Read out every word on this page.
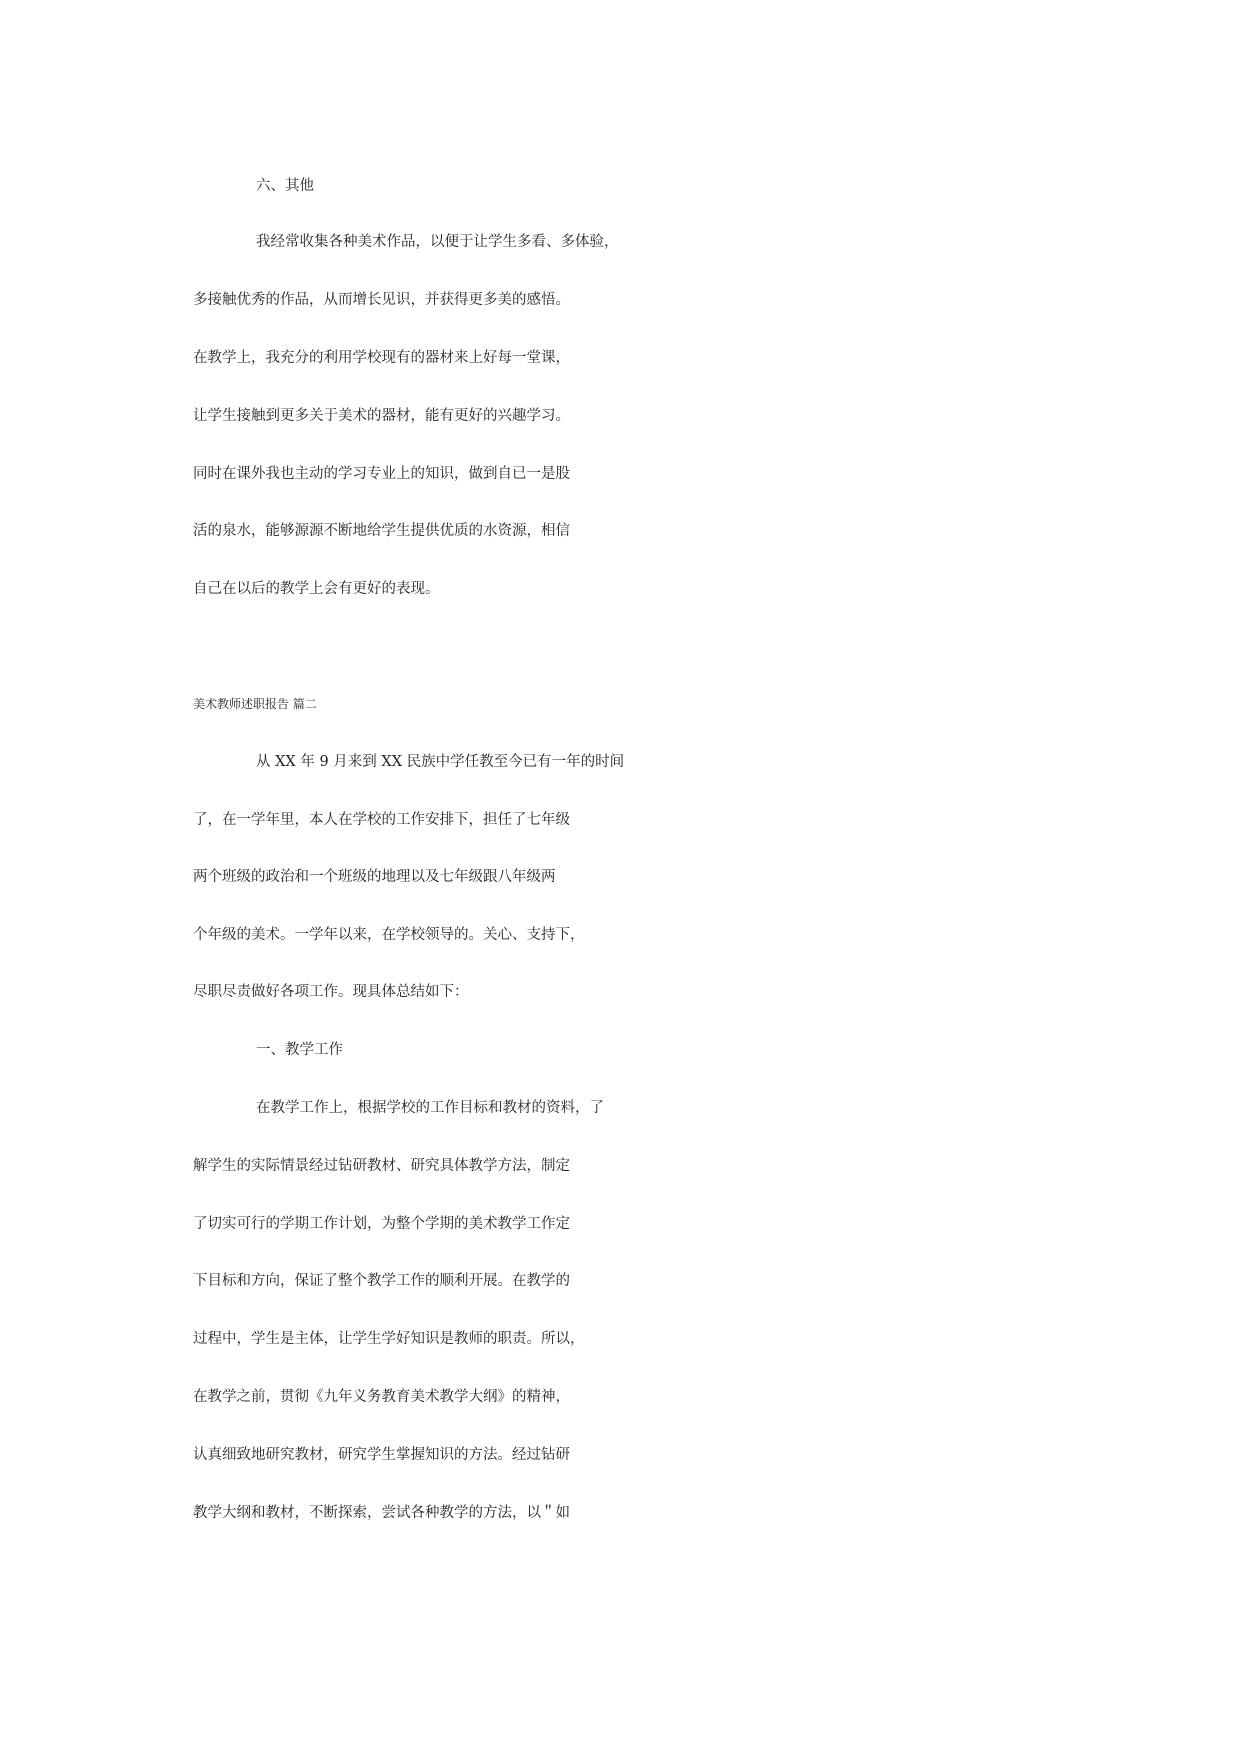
六、其他
我经常收集各种美术作品，以便于让学生多看、多体验，
多接触优秀的作品，从而增长见识，并获得更多美的感悟。
在教学上，我充分的利用学校现有的器材来上好每一堂课，
让学生接触到更多关于美术的器材，能有更好的兴趣学习。
同时在课外我也主动的学习专业上的知识，做到自已一是股
活的泉水，能够源源不断地给学生提供优质的水资源，相信
自己在以后的教学上会有更好的表现。
美术教师述职报告 篇二
从 XX 年 9 月来到 XX 民族中学任教至今已有一年的时间
了，在一学年里，本人在学校的工作安排下，担任了七年级
两个班级的政治和一个班级的地理以及七年级跟八年级两
个年级的美术。一学年以来，在学校领导的。关心、支持下，
尽职尽责做好各项工作。现具体总结如下：
一、教学工作
在教学工作上，根据学校的工作目标和教材的资料，了
解学生的实际情景经过钻研教材、研究具体教学方法，制定
了切实可行的学期工作计划，为整个学期的美术教学工作定
下目标和方向，保证了整个教学工作的顺利开展。在教学的
过程中，学生是主体，让学生学好知识是教师的职责。所以，
在教学之前，贯彻《九年义务教育美术教学大纲》的精神，
认真细致地研究教材，研究学生掌握知识的方法。经过钻研
教学大纲和教材，不断探索，尝试各种教学的方法，以＂如
